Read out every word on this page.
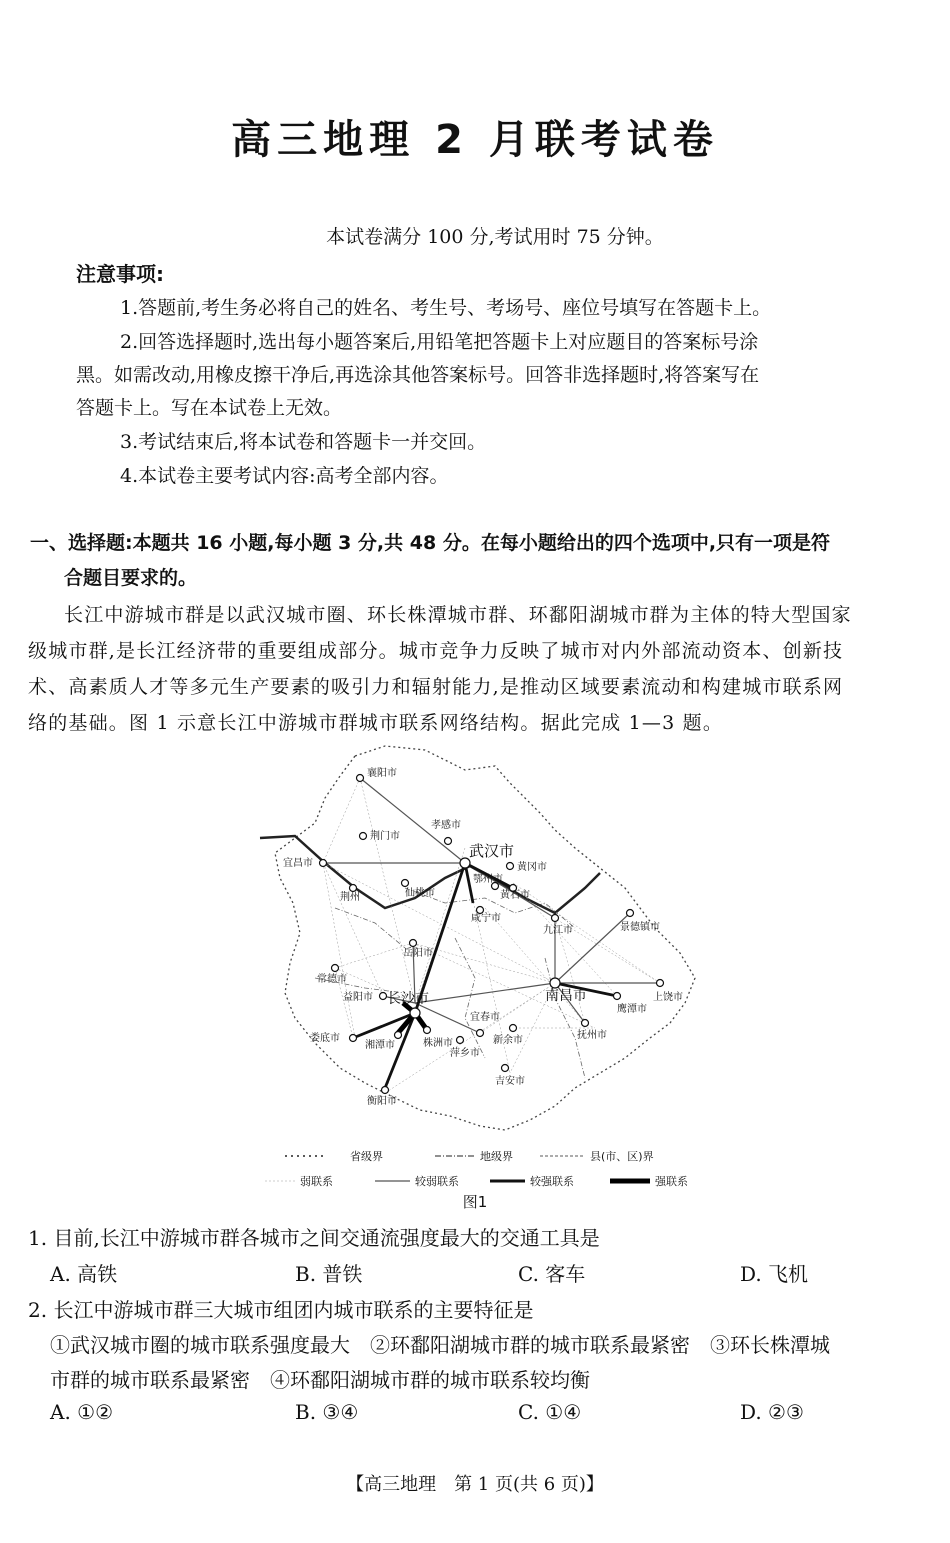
高三地理 2 月联考试卷
本试卷满分 100 分,考试用时 75 分钟。
注意事项:
1.答题前,考生务必将自己的姓名、考生号、考场号、座位号填写在答题卡上。
2.回答选择题时,选出每小题答案后,用铅笔把答题卡上对应题目的答案标号涂
黑。如需改动,用橡皮擦干净后,再选涂其他答案标号。回答非选择题时,将答案写在
答题卡上。写在本试卷上无效。
3.考试结束后,将本试卷和答题卡一并交回。
4.本试卷主要考试内容:高考全部内容。
一、选择题:本题共 16 小题,每小题 3 分,共 48 分。在每小题给出的四个选项中,只有一项是符
合题目要求的。
长江中游城市群是以武汉城市圈、环长株潭城市群、环鄱阳湖城市群为主体的特大型国家
级城市群,是长江经济带的重要组成部分。城市竞争力反映了城市对内外部流动资本、创新技
术、高素质人才等多元生产要素的吸引力和辐射能力,是推动区域要素流动和构建城市联系网
络的基础。图 1 示意长江中游城市群城市联系网络结构。据此完成 1—3 题。
襄阳市
荆门市
孝感市
武汉市
黄冈市
宜昌市
荆州	仙桃市
鄂州市
黄石市
咸宁市
九江市	景德镇市
岳阳市
常德市
南昌市	上饶市
益阳市 长沙市
宜春市
鹰潭市
抚州市
娄底市
湘潭市	株洲市
萍乡市
新余市
吉安市
衡阳市
省级界	地级界	县(市、区)界
弱联系	较弱联系	较强联系	强联系
图1
1. 目前,长江中游城市群各城市之间交通流强度最大的交通工具是
A. 高铁	B. 普铁	C. 客车	D. 飞机
2. 长江中游城市群三大城市组团内城市联系的主要特征是
①武汉城市圈的城市联系强度最大　②环鄱阳湖城市群的城市联系最紧密　③环长株潭城
市群的城市联系最紧密　④环鄱阳湖城市群的城市联系较均衡
A. ①②	B. ③④	C. ①④	D. ②③
【高三地理　第 1 页(共 6 页)】
